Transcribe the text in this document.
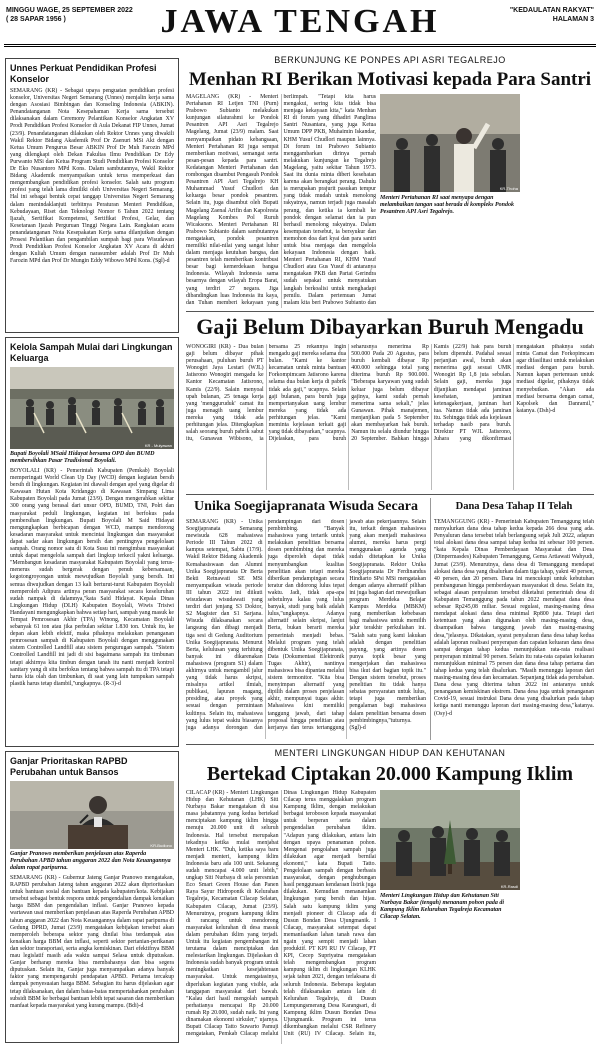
MINGGU WAGE, 25 SEPTEMBER 2022
( 28 SAPAR 1956 )	JAWA TENGAH	"KEDAULATAN RAKYAT"
HALAMAN 3
Unnes Perkuat Pendidikan Profesi Konselor
SEMARANG (KR) - Sebagai upaya penguatan pendidikan profesi konselor, Universitas Negeri Semarang (Unnes) menjalin kerja sama dengan Asosiasi Bimbingan dan Konseling Indonesia (ABKIN). Penandatanganan Nota Kesepahaman Kerja sama tersebut dilaksanakan dalam Ceremony Pelantikan Konselor Angkatan XV Prodi Pendidikan Profesi Konselor di Aula Dekanat FIP Unnes, Jumat (23/9). Penandatanganan dilakukan oleh Rektor Unnes yang diwakili Wakil Rektor Bidang Akademik Prof Dr Zaenuri MSi Akt dengan Ketua Umum Pengurus Besar ABKIN Prof Dr Muh Farozin MPd yang dilengkapi oleh Dekan Fakultas Ilmu Pendidikan Dr Edy Purwanto MSi dan Ketua Program Studi Pendidikan Profesi Konselor Dr Eko Nusantoro MPd Kons. Dalam sambutannya, Wakil Rektor Bidang Akademik menyampaikan untuk terus memperkuat dan mengembangkan pendidikan profesi konselor. Salah satu program profesi yang telah lama dimiliki oleh Universitas Negeri Semarang. Hal ini sebagai bentuk cepat tanggap Universitas Negeri Semarang dalam menindaklanjuti terbitnya Peraturan Menteri Pendidikan, Kebudayaan, Riset dan Teknologi Nomor 6 Tahun 2022 tentang Ijazah, Sertifikat Kompetensi, Sertifikat Profesi, Gelar, dan Kesetaraan Ijazah Perguruan Tinggi Negara Lain. Rangkaian acara penandatanganan Nota Kesepakatan Kerja sama dilanjutkan dengan Prosesi Pelantikan dan pengambilan sumpah bagi para Wisudawan Prodi Pendidikan Profesi Konselor Angkatan XV Acara di akhiri dengan Kuliah Umum dengan narasumber adalah Prof Dr Muh Farozin MPd dan Prof Dr Mungin Eddy Wibowo MPd Kons. (Sgl)-d
Kelola Sampah Mulai dari Lingkungan Keluarga
KR - Mulyawan
Bupati Boyolali MSaid Hidayat bersama OPD dan BUMD membersihkan Pasar Tradisional Boyolali.
BOYOLALI (KR) - Pemerintah Kabupaten (Pemkab) Boyolali memperingati World Clean Up Day (WCD) dengan kegiatan bersih bersih di lingkungan. Kegiatan ini diawali dengan apel yang digelar di Kawasan Hutan Kota Kridanggo di Kawasan Simpang Lima Kabupaten Boyolali pada Jumat (23/9). Dengan mengerahkan sekitar 300 orang yang berasal dari unsur OPD, BUMD, TNI, Polri dan masyarakat peduli lingkungan, kegiatan ini berfokus pada pembersihan lingkungan. Bupati Boyolali M Said Hidayat mengungkapkan berbicapan dengan WCD, mampu mendorong kesadaran masyarakat untuk mencintai lingkungan dan masyarakat dapat sadar akan lingkungan bersih dan pentingnya pengelolaan sampah. Orang nomor satu di Kota Susu ini mengimbau masyarakat untuk dapat mengelola sampah dari lingkup terkecil yakni keluarga. "Membangun kesadaran masyarakat Kabupaten Boyolali yang terus-menerus sudah bergerak dengan penuh kebersamaan, kegotongroyongan untuk mewujudkan Boyolali yang bersih. Ini semua diwujudkan dengan 13 kali berturut-turut Kabupaten Boyolali memperoleh Adipura artinya peran masyarakat secara keseluruhan sudah nampak di dalamnya,"kata Said Hidayat. Kepala Dinas Lingkungan Hidup (DLH) Kabupaten Boyolali, Wiwis Trisiwi Handayani mengungkapkan bahwa setiap hari, sampah yang masuk ke Tempat Pemrosesan Akhir (TPA) Winong, Kecamatan Boyolali sebanyak 61 ton atau jika perbulan sekitar 1.830 ton. Untuk itu, ke depan akan lebih efektif, maka pihaknya melakukan penanganan pemrosesan sampah di Kabupaten Boyolali dengan menggunakan sistem Controlled Landfill atau sistem pengurugan sampah. "Sistem Controlled Landfill ini jadi di sisi bagaimana sampah itu timbunan tetapi akhirnya kita timbun dengan tanah itu nanti menjadi kontrol sanitary yang di situ berfokus tentang bahwa sampah itu di TPA tetapi harus kita olah dan timbunkan, di saat yang lain tumpukan sampah plastik harus tetap diambil,"ungkapnya. (R-3)-d
Ganjar Prioritaskan RAPBD Perubahan untuk Bansos
KR-Budiono
Ganjar Pranowo memberikan penjelasan atas Raperda Perubahan APBD tahun anggaran 2022 dan Nota Keuangannya dalam rapat paripurna.
SEMARANG (KR) - Gubernur Jateng Ganjar Pranowo mengatakan, RAPBD perubahan Jateng tahun anggaran 2022 akan diprioritaskan untuk bantuan sosial dan bantuan kepada kabupaten/kota. Kebijakan tersebut sebagai bentuk respons untuk pengendalian dampak kenaikan harga BBM dan pengendalian inflasi. Ganjar Pranowo kepada wartawan usai memberikan penjelasan atas Raperda Perubahan APBD tahun anggaran 2022 dan Nota Keuangannya dalam rapat paripurna di Gedung DPRD, Jumat (23/9) mengatakan kebijakan tersebut akan memperoleh beberapa sektor yang dinilai bisa terdampak atas kenaikan harga BBM dan inflasi, seperti sektor pertanian-perikanan dan sektor transportasi, serta angka kemiskinan. Dari efektifnya BBM mau legislatif masih ada waktu sampai Selasa untuk diputuskan. Ganjar berharap mereka bisa membahasnya dan bisa segera diputuskan. Selain itu, Ganjar juga menyampaikan adanya banyak faktor yang mempengaruhi pendapatan APBD. Pertama tercakup dampak penyesuaian harga BBM. Sebagian itu harus dijelaskan agar tetap dilaksanakan, dan dalam batas-batas mempertahankan perubahan subsidi BBM ke berbagai bantuan lebih tepat sasaran dan memberikan manfaat kepada masyarakat yang kurang mampu. (Bdi)-d
BERKUNJUNG KE PONPES API ASRI TEGALREJO
Menhan RI Berikan Motivasi kepada Para Santri
MAGELANG (KR) - Menteri Pertahanan RI Letjen TNI (Purn) Prabowo Subianto melakukan kunjungan silaturahmi ke Pondok Pesantren API Asri Tegalrejo Magelang, Jumat (23/9) malam. Saat menyampaikan pidato kebangsaan, Menteri Pertahanan RI juga sempat memberikan motivasi, semangat serta pesan-pesan kepada para santri. Kedatangan Menteri Pertahanan dan rombongan disambut Pengasuh Pondok Pesantren API Asri Tegalrejo KH Muhammad Yusuf Chudlori dan keluarga besar pondok pesantren. Selain itu, juga disambut oleh Bupati Magelang Zaenal Arifin dan Kapolresta Magelang Kombes Pol Ruruh Wicaksono. Menteri Pertahanan RI Prabowo Subianto dalam sambutannya mengatakan, pondok pesantren memiliki nilai-nilai yang sangat luhur dalam menjaga keutuhan bangsa, dan pesantren telah memberikan kontribusi besar bagi kemerdekaan bangsa Indonesia. Wilayah Indonesia sama besarnya dengan wilayah Eropa Barat, yang terdiri 27 negara. Jiga dibandingkan luas Indonesia itu kaya, dan Tuhan memberi kekayaan yang berlimpah. "Tetapi kita harus mengakui, sering kita tidak bisa menjaga kekayaan kita," kata Menhan RI di forum yang dihadiri Panglima Santri Nusantara, yang juga Ketua Umum DPP PKB, Muhaimin Iskandar, KHM Yusuf Chudlori maupun lainnya. Di forum ini Prabowo Subianto menggambarkan dirinya pernah melakukan kunjungan ke Tegalrejo Magelang, yaitu sekitar Tahun 1973. Saat itu dunia minta diberi kesehatan karena akan berangkat perang. Dahulu ia merupakan prajurit pasukan tempur yang tidak mudah untuk menolong rakyatnya, namun terjadi juga masalah perang, dan ketika ia kembali ke pondok dengan selamat dan ia pun berhasil menolong rakyatnya. Dalam kesempatan tersebut, ia bersyukur dan memohon doa dari kyai dan para santri untuk bisa menjaga dan mengelola kekayaan Indonesia dengan baik. Menteri Pertahanan RI, KHM Yusuf Chudlori atau Gus Yusuf di antaranya mengatakan PKB dan Partai Gerindra sudah sepakat untuk menyatukan langkah berkoalisi untuk menghadapi pemilu. Dalam pertemuan Jumat malam kita beri Prabowo Subianto dan
KR-Thoha
Menteri Pertahanan RI saat menyapa dengan melambaikan tangan saat berada di kompleks Pondok Pesantren API Asri Tegalrejo.
Gaji Belum Dibayarkan Buruh Mengadu
WONOGIRI (KR) - Dua bulan gaji belum dibayar pihak perusahaan, puluhan buruh PT Wonogiri Jaya Lestari (WJL) Jatisrono Wonogiri mengadu ke Kantor Kecamatan Jatisrono, Kamis (22/9). Salain menyoal upah bulanan, 25 tenaga kerja yang 'mengguruduk' camat itu juga menagih uang lembur mereka yang tidak ada perhitungan jelas. Ditengkapkan salah seorang buruh pabrik sabut itu, Gunawan Wibisono, ia bersama 25 rekannya ingin mengadu gaji mereka selama dua bulan. "Kami ke kantor kecamatan untuk minta bantuan Forkompimcam Jatisrono karena selama dua bulan kerja di pabrik tidak ada gaji," ucapnya. Selain gaji bulanan, para buruh juga mempertanyakan uang lembur mereka yang tidak ada perhitungan jelas. "Kami meminta kejelasan terkait gaji yang tidak dibayarkan," ucapnya. Dijelaskan, para buruh seharusnya menerima Rp 500.000 Pada 20 Agustus, para buruh kembali dibayar Rp 400.000 sehingga total yang diterima buruh Rp 900.000. "Beberapa karyawan yang sudah keluar juga belum dibayar gajinya, kami sudah pernah menerima sama sekali," jelas Gunawan. Pihak manajemen, menjanjikan pada 5 September akan membayarkan hak buruh. Namun itu selalu diundur hingga 20 September. Bahkan hingga Kamis (22/9) hak para buruh belum dipenuhi. Padahal sesuai perjanjian awal, buruh akan menerima gaji sesuai UMK Wonogiri Rp 1,8 juta sebulan. Selain gaji, mereka juga dijanjikan mendapat jaminan kesehatan, jaminan ketenagakerjaan, jaminan hari tua. Namun tidak ada jaminan itu. Sehingga tidak ada kejelasan terhadap nasib para buruh. Direktur PT WJL Jatisrono, Juhara yang dikonfirmasi mengatakan pihaknya sudah minta Camat dan Forkopimcam agar difasilitasi untuk melakukan mediasi dengan para buruh. Namun kapan pertemuan untuk mediasi digelar, pihaknya tidak menyebutkan. "Akan ada mediasi bersama dengan camat, Kapolsek dan Danramil," katanya. (Dsh)-d
Unika Soegijapranata Wisuda Secara
SEMARANG (KR) - Unika Soegijapranata Semarang mewisuda 628 mahasiswa Periode III Tahun 2022 di kampus setempat, Sabtu (17/9). Wakil Rektor Bidang Akademik Kemahasiswaan dan Alumni Unika Soegijapranata Dr Berta Bekti Retnawati SE MSi menyampaikan wisuda periode III tahun 2022 ini diikuti wisudawan wisudawati yang terdiri dari jenjang S3 Doktor, S2 Magister dan S1 Sarjana. Wisuda dilaksanakan secara langsung dan dibagi menjadi tiga sesi di Gedung Auditorium Unika Soegijapranata. Menurut Berta, kelulusan yang terhitung banyak ini dikarenakan mahasiswa (program S1) dalam akhirnya untuk mengambil jalur yang tidak harus skripsi, misalnya artikel ilmiah, publikasi, lapuran magang, presiding, atau proyek yang sesuai dengan permintaan kultinya. Selain itu, mahasiswa yang lulus tepat waktu biasanya juga adanya dorongan dan pendampingan dari dosen pembimbing. "Banyak mahasiswa yang tertarik untuk melakukan penelitian bersama dosen pembimbing dan mereka juga diperoleh dapat tidak menyumbangkan kualitas penelitian akan tetapi mereka diberikan pendampingan secara teratur dan didorong lulus tepat waktu. Jadi, tidak apa-apa sebetulnya kalau yang lulus banyak, studi yang baik adalah lulus,"ungkapnya. Adanya alternatif selain skripsi, lanjut Berta, bukan berarti mereka pemerintah menjadi bebas. Melalui program yang telah dibentuk Unika Soegijapranata, Data (Dokumentasi Elektronik Tugas Akhir), nantinya mahasiswa bisa dipantau melalui sistem termonitor. "Kita bisa menyimpan alternatif yang dipilih dalam proses penjelasan akhir, mempunyai tugas akhir. Mahasiswa kini memiliki tanggung jawab, dari tahap proposal hingga penelitian atau kerjanya dan terus tertanggung jawab atas pekerjaannya. Selain itu, terkait dengan mahasiswa yang akan menjadi mahasiswa alumni, mereka harus pergi menggunakan agenda yang sudah ditetapkan ke Unika Soegijapranata. Rektor Unika Soegijapranata Dr Ferdinandus Hindiarto SPsi MSi mengatakan dengan adanya alternatif pilihan ini juga bagian dari mewujudkan program Merdeka Belajar Kampus Merdeka (MBKM) yang memberikan kebebasan bagi mahasiswa untuk memilih jalur terakhir perkuliahan ini. "Salah satu yang kami lakukan adalah dengan penelitian payung, yang artinya dosen punya topik besar yang mengerjakan dan mahasiswa bisa ikut dari bagian topik itu." Dengan sistem tersebut, proses penelitian itu tidak hanya sebatas persyaratan untuk lulus, tetapi juga memberikan pengalaman bagi mahasiswa dalam penelitian bersama dosen pembimbingnya,"tuturnya. (Sgl)-d
Dana Desa Tahap II Telah
TEMANGGUNG (KR) - Pemerintah Kabupaten Temanggung telah menyalurkan dana desa tahap kedua kepada 266 desa yang ada. Penyaluran dana tersebut telah berlangsung sejak Juli 2022, adapun total alokasi dana desa sampai tahap kedua ini sebesar 100 persen. "kata Kepala Dinas Pemberdayaan Masyarakat dan Desa (Dinpermasdes) Kabupaten Temanggung, Gema Artiawati Wahyudi, Jumat (23/9). Menurutnya, dana desa di Temanggung mendapat alokasi dana desa yang disalurkan dalam tiga tahap, yakni 40 persen, 40 persen, dan 20 persen. Dana ini mencukupi untuk kebutuhan pembangunan hingga pemberdayaan masyarakat di desa. Selain itu, sebagai alasan penyaluran tersebut diketahui pemerintah desa di Kabupaten Temanggung pada tahun 2022 mendapat dana desa sebesar Rp245,08 miliar. Sesuai regulasi, masing-masing desa mendapat alokasi dana desa minimal Rp800 juta. Tetapi dari ketentuan yang akan digunakan oleh masing-masing desa, disampaikan bahwa tanggung jawab dan masing-masing desa,"jelasnya. Dikatakan, syarat penyaluran dana desa tahap kedua adalah laporan realisasi penyerapan dan capaian keluaran dana desa sampai dengan tahap kedua menunjukkan rata-rata realisasi penyerapan minimal 90 persen. Selain itu rata-rata capaian keluaran menunjukkan minimal 75 persen dan dana desa tahap pertama dan tahap kedua yang telah disalurkan. "Masih menunggu laporan dari masing-masing desa dan kecamatan. Sepanjang tidak ada perubahan. Dana desa yang diterima tahun 2022 ini antaranya untuk penanganan kemiskinan ekstrem. Dana desa juga untuk penanganan Covid-19, sesuai instruksi Dana desa yang disalurkan pada tahap ketiga nanti menunggu laporan dari masing-masing desa,"katanya. (Osy)-d
MENTERI LINGKUNGAN HIDUP DAN KEHUTANAN
Bertekad Ciptakan 20.000 Kampung Iklim
CILACAP (KR) - Menteri Lingkungan Hidup dan Kehutanan (LHK) Siti Nurbaya Bakar mengatakan di sisa masa jabatannya yang kedua bertekad menciptakan kampung iklim hingga menuju 20.000 unit di seluruh Indonesia. Hal tersebut merupakan tekadnya ketika mulai menjabat Menteri LHK. "Duh, ketika saya baru menjadi menteri, kampung iklim Indonesia baru ada 100 unit. Sekarang sudah mencapai 4.000 unit lebih," ungkap Siti Nurbaya di sela peresmian Eco Smart Green House dan Panen Raya Sayur Hidroponik di Kelurahan Tegalreja, Kecamatan Cilacap Selatan, Kabupaten Cilacap, Jumat (23/9). Menurutnya, program kampung iklim di rancang untuk mendorong masyarakat kelurahan di desa masuk dalam perubahan iklim yang terjadi. Untuk itu kegiatan pengembangan ini terutama dalam menciptakan dan melestarikan lingkungan. Dijelaskan di Indonesia sudah banyak program untuk meningkatkan kesejahteraan masyarakat. Untuk mengatasinya, diperlukan kegiatan yang visible, ada tanggapan masyarakat dari bawah. "Kalau dari hasil mengolah sampah perhatianya mencapai Rp 20.000 rumah Rp 20.000, sudah naik. Ini yang dinamakan ekonomi sirkuler," ujarnya. Bupati Cilacap Tatto Suwarto Pamuji mengatakan, Pemkab Cilacap melalui Dinas Lingkungan Hidup Kabupaten Cilacap terus menggalakkan program Kampung Iklim, dengan melakukan berbagai teroboson kepada masyarakat untuk berperan serta dalam pengendalian perubahan iklim. "Adapun yang dilakukan, antara lain dengan upaya penanaman pohon. Mengenai pengolahan sampah juga dilakukan agar menjadi bernilai ekonomi," kata Bupati Tatto. Pengelolaan sampah dengan berbasis masyarakat, dengan penghubungan hasil penggunaan kendaraan listrik juga dilakukan. Kemudian menanamkan lingkungan yang bersih dan hijau. Salah satu kampung iklim yang menjadi pioneer di Cilacap ada di Dusun Bondan Desa Ujungmanik. I Cilacap, masyarakat setempat dapat memanfaatkan lahan tanah rawa dan ngain yang sempit menjadi lahan produktif. PT KPI RU IV Cilacap, PT KPI, Cecep Supriyatna mengatakan telah mengembangkan program kampung iklim di lingkungan KLHK sejak tahun 2021, dengan terlaksana di seluruh Indonesia. Beberapa kegiatan telah dilaksanakan antara lain di Kelurahan Tegalreja, di Dusun Lempungsmerang Desa Karangsari, di Kampung iklim Dusun Bondan Desa Ujungmanik. Program ini terus dikembangkan melalui CSR Refinery Unit (RU) IV Cilacap. Selain itu,
KR-Rasdi
Menteri Lingkungan Hidup dan Kehutanan Siti Nurbaya Bakar (tengah) menanam pohon pada di Kampung Iklim Kelurahan Tegalreja Kecamatan Cilacap Selatan.
